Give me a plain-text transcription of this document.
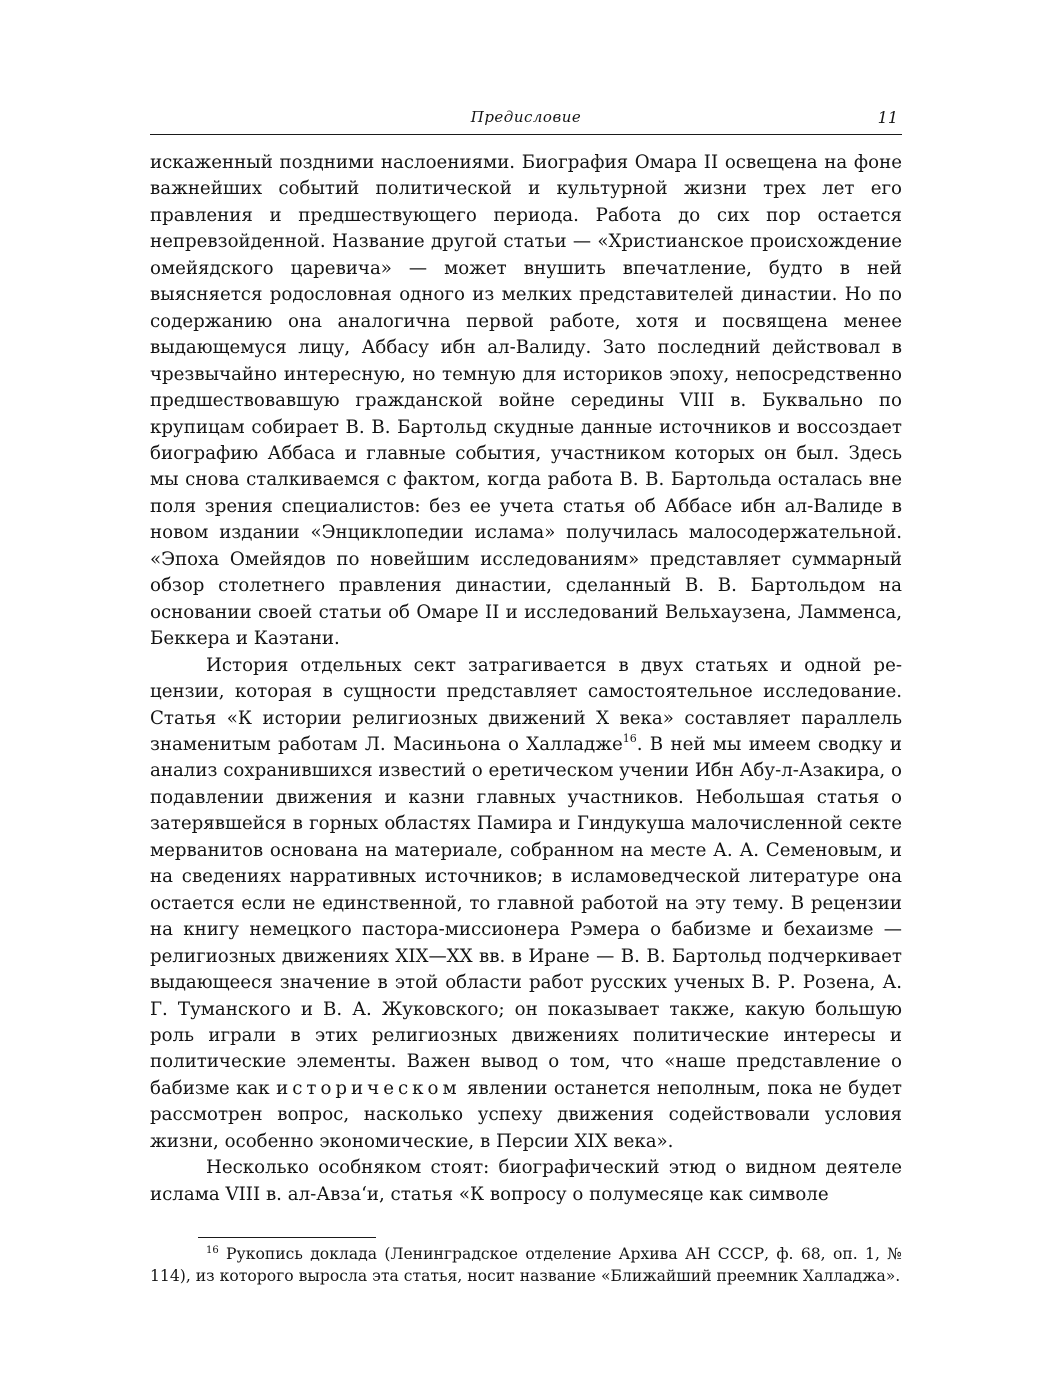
Предисловие	11

искаженный поздними наслоениями. Биография Омара II освещена на фоне важнейших событий политической и культурной жизни трех лет его правления и предшествующего периода. Работа до сих пор остается непревзойденной. Название другой статьи — «Христианское происхождение омейядского царевича» — может внушить впечатление, будто в ней выясняется родословная одного из мелких представителей династии. Но по содержанию она аналогична первой работе, хотя и посвящена менее выдающемуся лицу, Аббасу ибн ал-Валиду. Зато последний действовал в чрезвычайно интересную, но темную для историков эпоху, непосредственно предшествовавшую гражданской войне середины VIII в. Буквально по крупицам собирает В. В. Бартольд скудные данные источников и воссоздает биографию Аббаса и главные события, участником которых он был. Здесь мы снова сталкиваемся с фактом, когда работа В. В. Бартольда осталась вне поля зрения специалистов: без ее учета статья об Аббасе ибн ал-Валиде в новом издании «Энциклопедии ислама» получилась малосодержательной. «Эпоха Омейядов по новейшим исследованиям» представляет суммарный обзор столетнего правления династии, сделанный В. В. Бартольдом на основании своей статьи об Омаре II и исследований Вельхаузена, Ламменса, Беккера и Каэтани.

История отдельных сект затрагивается в двух статьях и одной рецензии, которая в сущности представляет самостоятельное исследование. Статья «К истории религиозных движений X века» составляет параллель знаменитым работам Л. Масиньона о Халладже$^{16}$. В ней мы имеем сводку и анализ сохранившихся известий о еретическом учении Ибн Абу-л-Азакира, о подавлении движения и казни главных участников. Небольшая статья о затерявшейся в горных областях Памира и Гиндукуша малочисленной секте мерванитов основана на материале, собранном на месте А. А. Семеновым, и на сведениях нарративных источников; в исламоведческой литературе она остается если не единственной, то главной работой на эту тему. В рецензии на книгу немецкого пастора-миссионера Рэмера о бабизме и бехаизме — религиозных движениях XIX—XX вв. в Иране — В. В. Бартольд подчеркивает выдающееся значение в этой области работ русских ученых В. Р. Розена, А. Г. Туманского и В. А. Жуковского; он показывает также, какую большую роль играли в этих религиозных движениях политические интересы и политические элементы. Важен вывод о том, что «наше представление о бабизме как историческом явлении останется неполным, пока не будет рассмотрен вопрос, насколько успеху движения содействовали условия жизни, особенно экономические, в Персии XIX века».

Несколько особняком стоят: биографический этюд о видном деятеле ислама VIII в. ал-Авза‘и, статья «К вопросу о полумесяце как символе

$^{16}$ Рукопись доклада (Ленинградское отделение Архива АН СССР, ф. 68, оп. 1, № 114), из которого выросла эта статья, носит название «Ближайший преемник Халладжа».
